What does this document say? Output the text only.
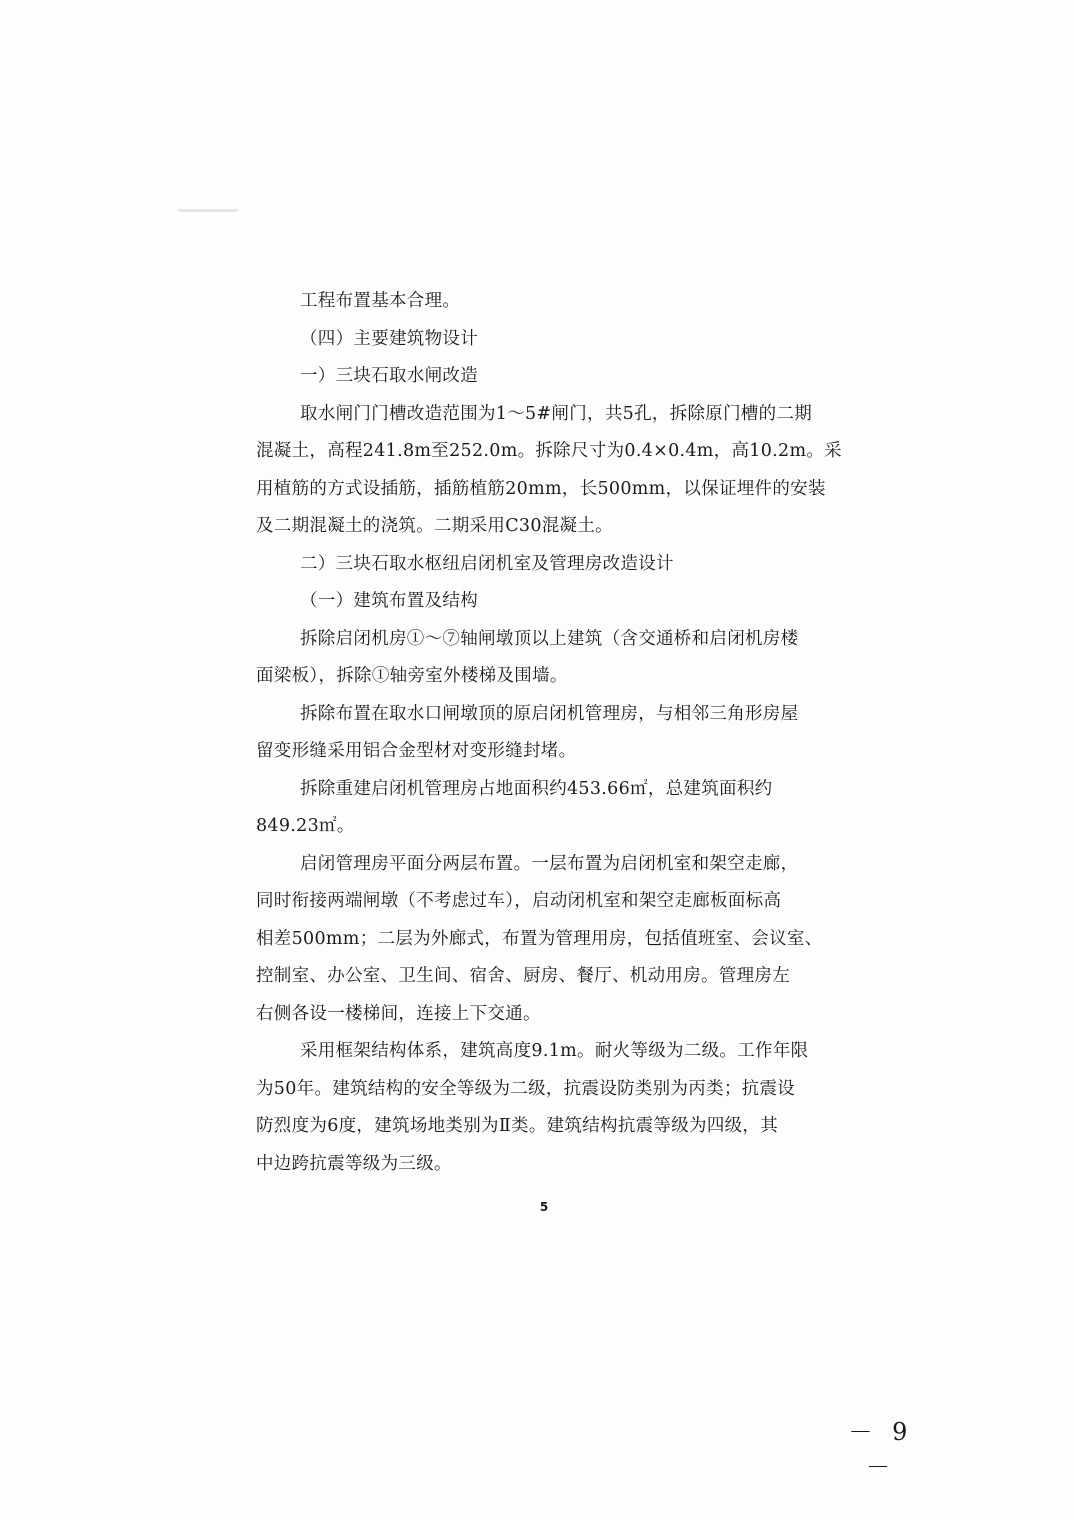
工程布置基本合理。
（四）主要建筑物设计
一）三块石取水闸改造
取水闸门门槽改造范围为1～5#闸门，共5孔，拆除原门槽的二期
混凝土，高程241.8m至252.0m。拆除尺寸为0.4×0.4m，高10.2m。采
用植筋的方式设插筋，插筋植筋20mm，长500mm，以保证埋件的安装
及二期混凝土的浇筑。二期采用C30混凝土。
二）三块石取水枢纽启闭机室及管理房改造设计
（一）建筑布置及结构
拆除启闭机房①～⑦轴闸墩顶以上建筑（含交通桥和启闭机房楼
面梁板），拆除①轴旁室外楼梯及围墙。
拆除布置在取水口闸墩顶的原启闭机管理房，与相邻三角形房屋
留变形缝采用铝合金型材对变形缝封堵。
拆除重建启闭机管理房占地面积约453.66㎡，总建筑面积约
849.23㎡。
启闭管理房平面分两层布置。一层布置为启闭机室和架空走廊，
同时衔接两端闸墩（不考虑过车），启动闭机室和架空走廊板面标高
相差500mm；二层为外廊式，布置为管理用房，包括值班室、会议室、
控制室、办公室、卫生间、宿舍、厨房、餐厅、机动用房。管理房左
右侧各设一楼梯间，连接上下交通。
采用框架结构体系，建筑高度9.1m。耐火等级为二级。工作年限
为50年。建筑结构的安全等级为二级，抗震设防类别为丙类；抗震设
防烈度为6度，建筑场地类别为Ⅱ类。建筑结构抗震等级为四级，其
中边跨抗震等级为三级。
5
－ 9 －
